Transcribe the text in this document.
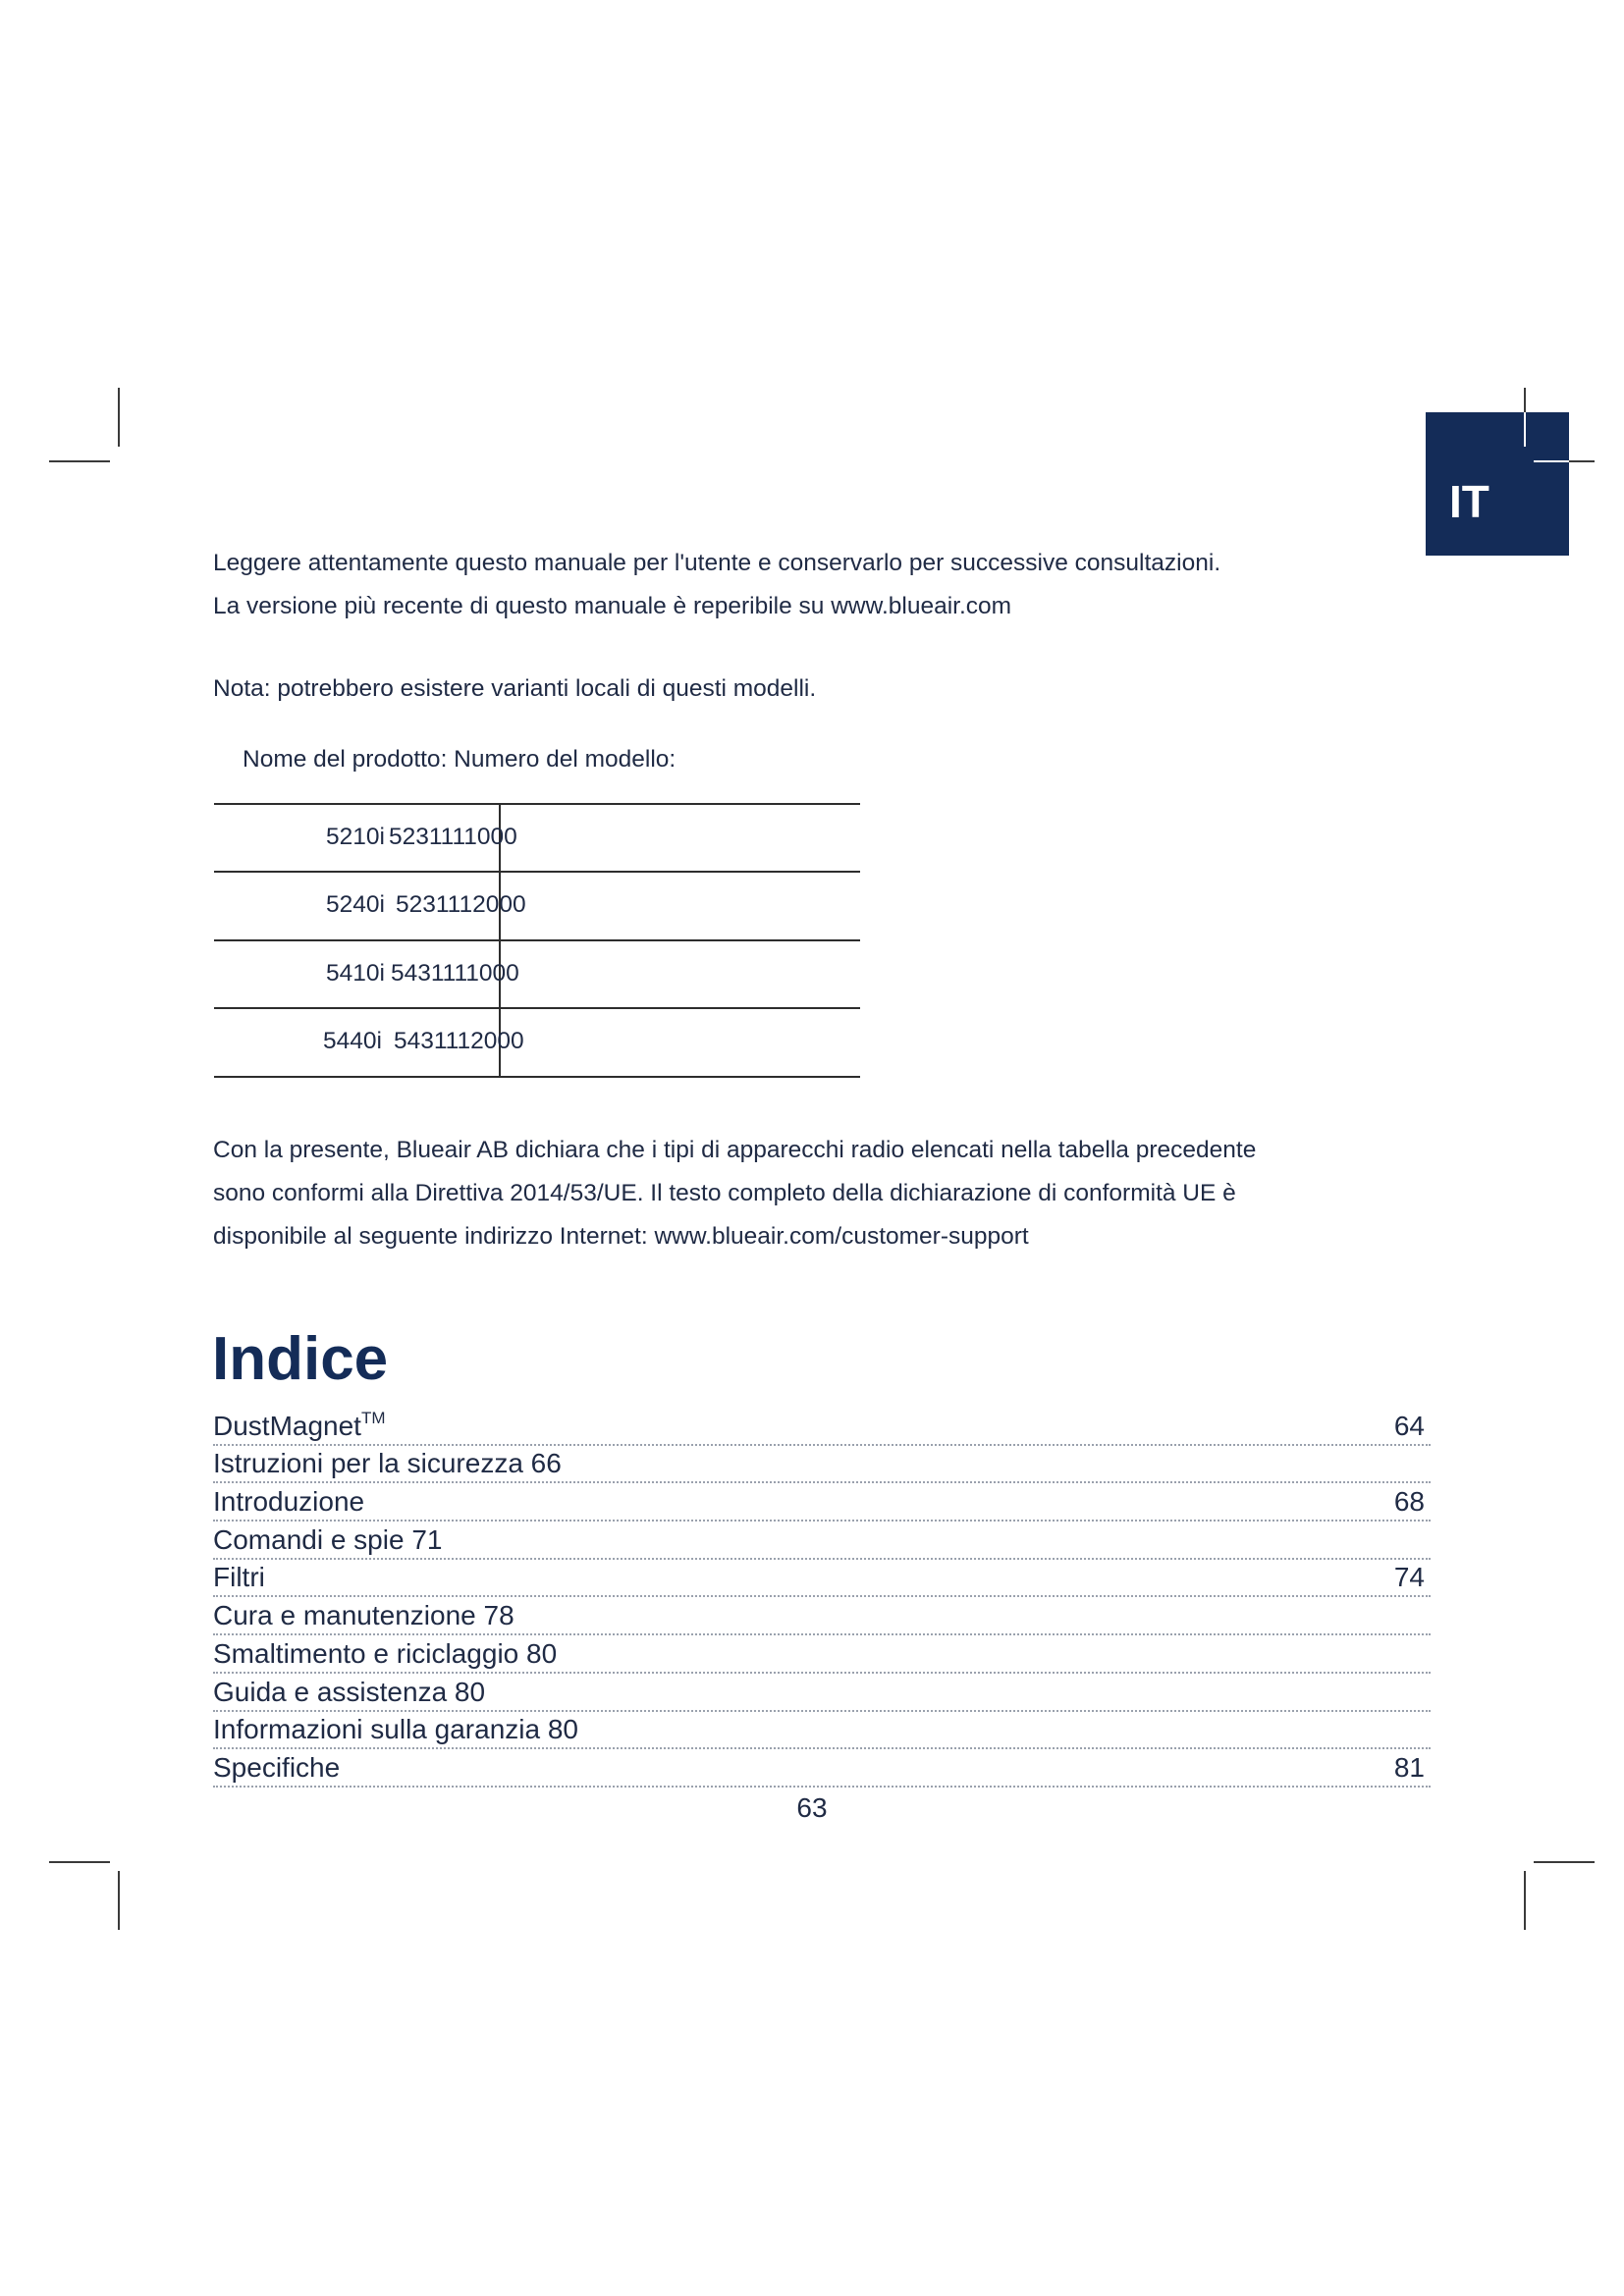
IT

Leggere attentamente questo manuale per l'utente e conservarlo per successive consultazioni.

La versione più recente di questo manuale è reperibile su www.blueair.com

Nota: potrebbero esistere varianti locali di questi modelli.

Nome del prodotto: Numero del modello:

5210i 5231111000
5240i 5231112000
5410i 5431111000
5440i 5431112000

Con la presente, Blueair AB dichiara che i tipi di apparecchi radio elencati nella tabella precedente

sono conformi alla Direttiva 2014/53/UE. Il testo completo della dichiarazione di conformità UE è

disponibile al seguente indirizzo Internet: www.blueair.com/customer-support

Indice
DustMagnet™	64
Istruzioni per la sicurezza 66
Introduzione	68
Comandi e spie 71
Filtri	74
Cura e manutenzione 78
Smaltimento e riciclaggio 80
Guida e assistenza 80
Informazioni sulla garanzia 80
Specifiche	81
63
